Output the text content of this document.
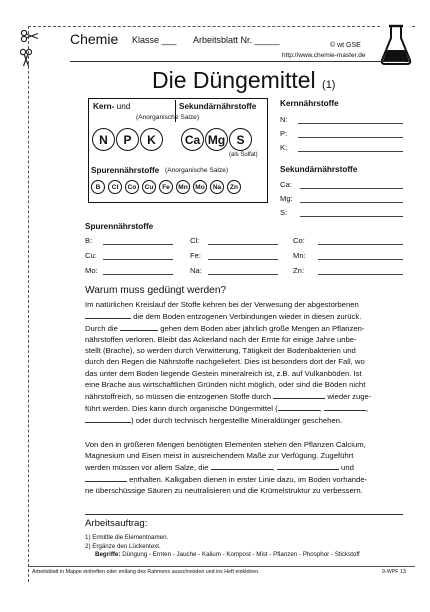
Chemie Klasse ___ Arbeitsblatt Nr. _____
© wt GSE
http://www.chemie-master.de
Die Düngemittel (1)
Kern- und	Sekundärnährstoffe
(Anorganische Salze)
N	P	K	Ca Mg S
(als Sulfat)
Spurennährstoffe (Anorganische Salze)
B	Cl	Co	Cu	Fe	Mn	Mo	Na	Zn
Kernnährstoffe
N:
P:
K:
Sekundärnährstoffe
Ca:
Mg:
S:
Spurennährstoffe
B:	Cl:	Co:
Cu:	Fe:	Mn:
Mo:	Na:	Zn:
Warum muss gedüngt werden?

Im natürlichen Kreislauf der Stoffe kehren bei der Verwesung der abgestorbenen

die dem Boden entzogenen Verbindungen wieder in diesen zurück.

Durch die	gehen dem Boden aber jährlich große Mengen an Pflanzen-

nährstoffen verloren. Bleibt das Ackerland nach der Ernte für einige Jahre unbe-

stellt (Brache), so werden durch Verwitterung, Tätigkeit der Bodenbakterien und

durch den Regen die Nährstoffe nachgeliefert. Dies ist besonders dort der Fall, wo

das unter dem Boden liegende Gestein mineralreich ist, z.B. auf Vulkanböden. Ist

eine Brache aus wirtschaftlichen Gründen nicht möglich, oder sind die Böden nicht

nährstoffreich, so müssen die entzogenen Stoffe durch	wieder zuge-

führt werden. Dies kann durch organische Düngermittel (	,	,

) oder durch technisch hergestellte Mineraldünger geschehen.

Von den in größeren Mengen benötigten Elementen stehen den Pflanzen Calcium,

Magnesium und Eisen meist in ausreichendem Maße zur Verfügung. Zugeführt

werden müssen vor allem Salze, die	,	und

enthalten. Kalkgaben dienen in erster Linie dazu, im Boden vorhande-

ne überschüssige Säuren zu neutralisieren und die Krümelstruktur zu verbessern.

Arbeitsauftrag:
1) Ermittle die Elementnamen.
2) Ergänze den Lückentext.
Begriffe: Düngung - Ernten - Jauche - Kalium - Kompost - Mist - Pflanzen - Phosphor - Stickstoff
Arbeitsblatt in Mappe einheften oder entlang des Rahmens ausschneiden und ins Heft einkleben.	9-WPF 13
